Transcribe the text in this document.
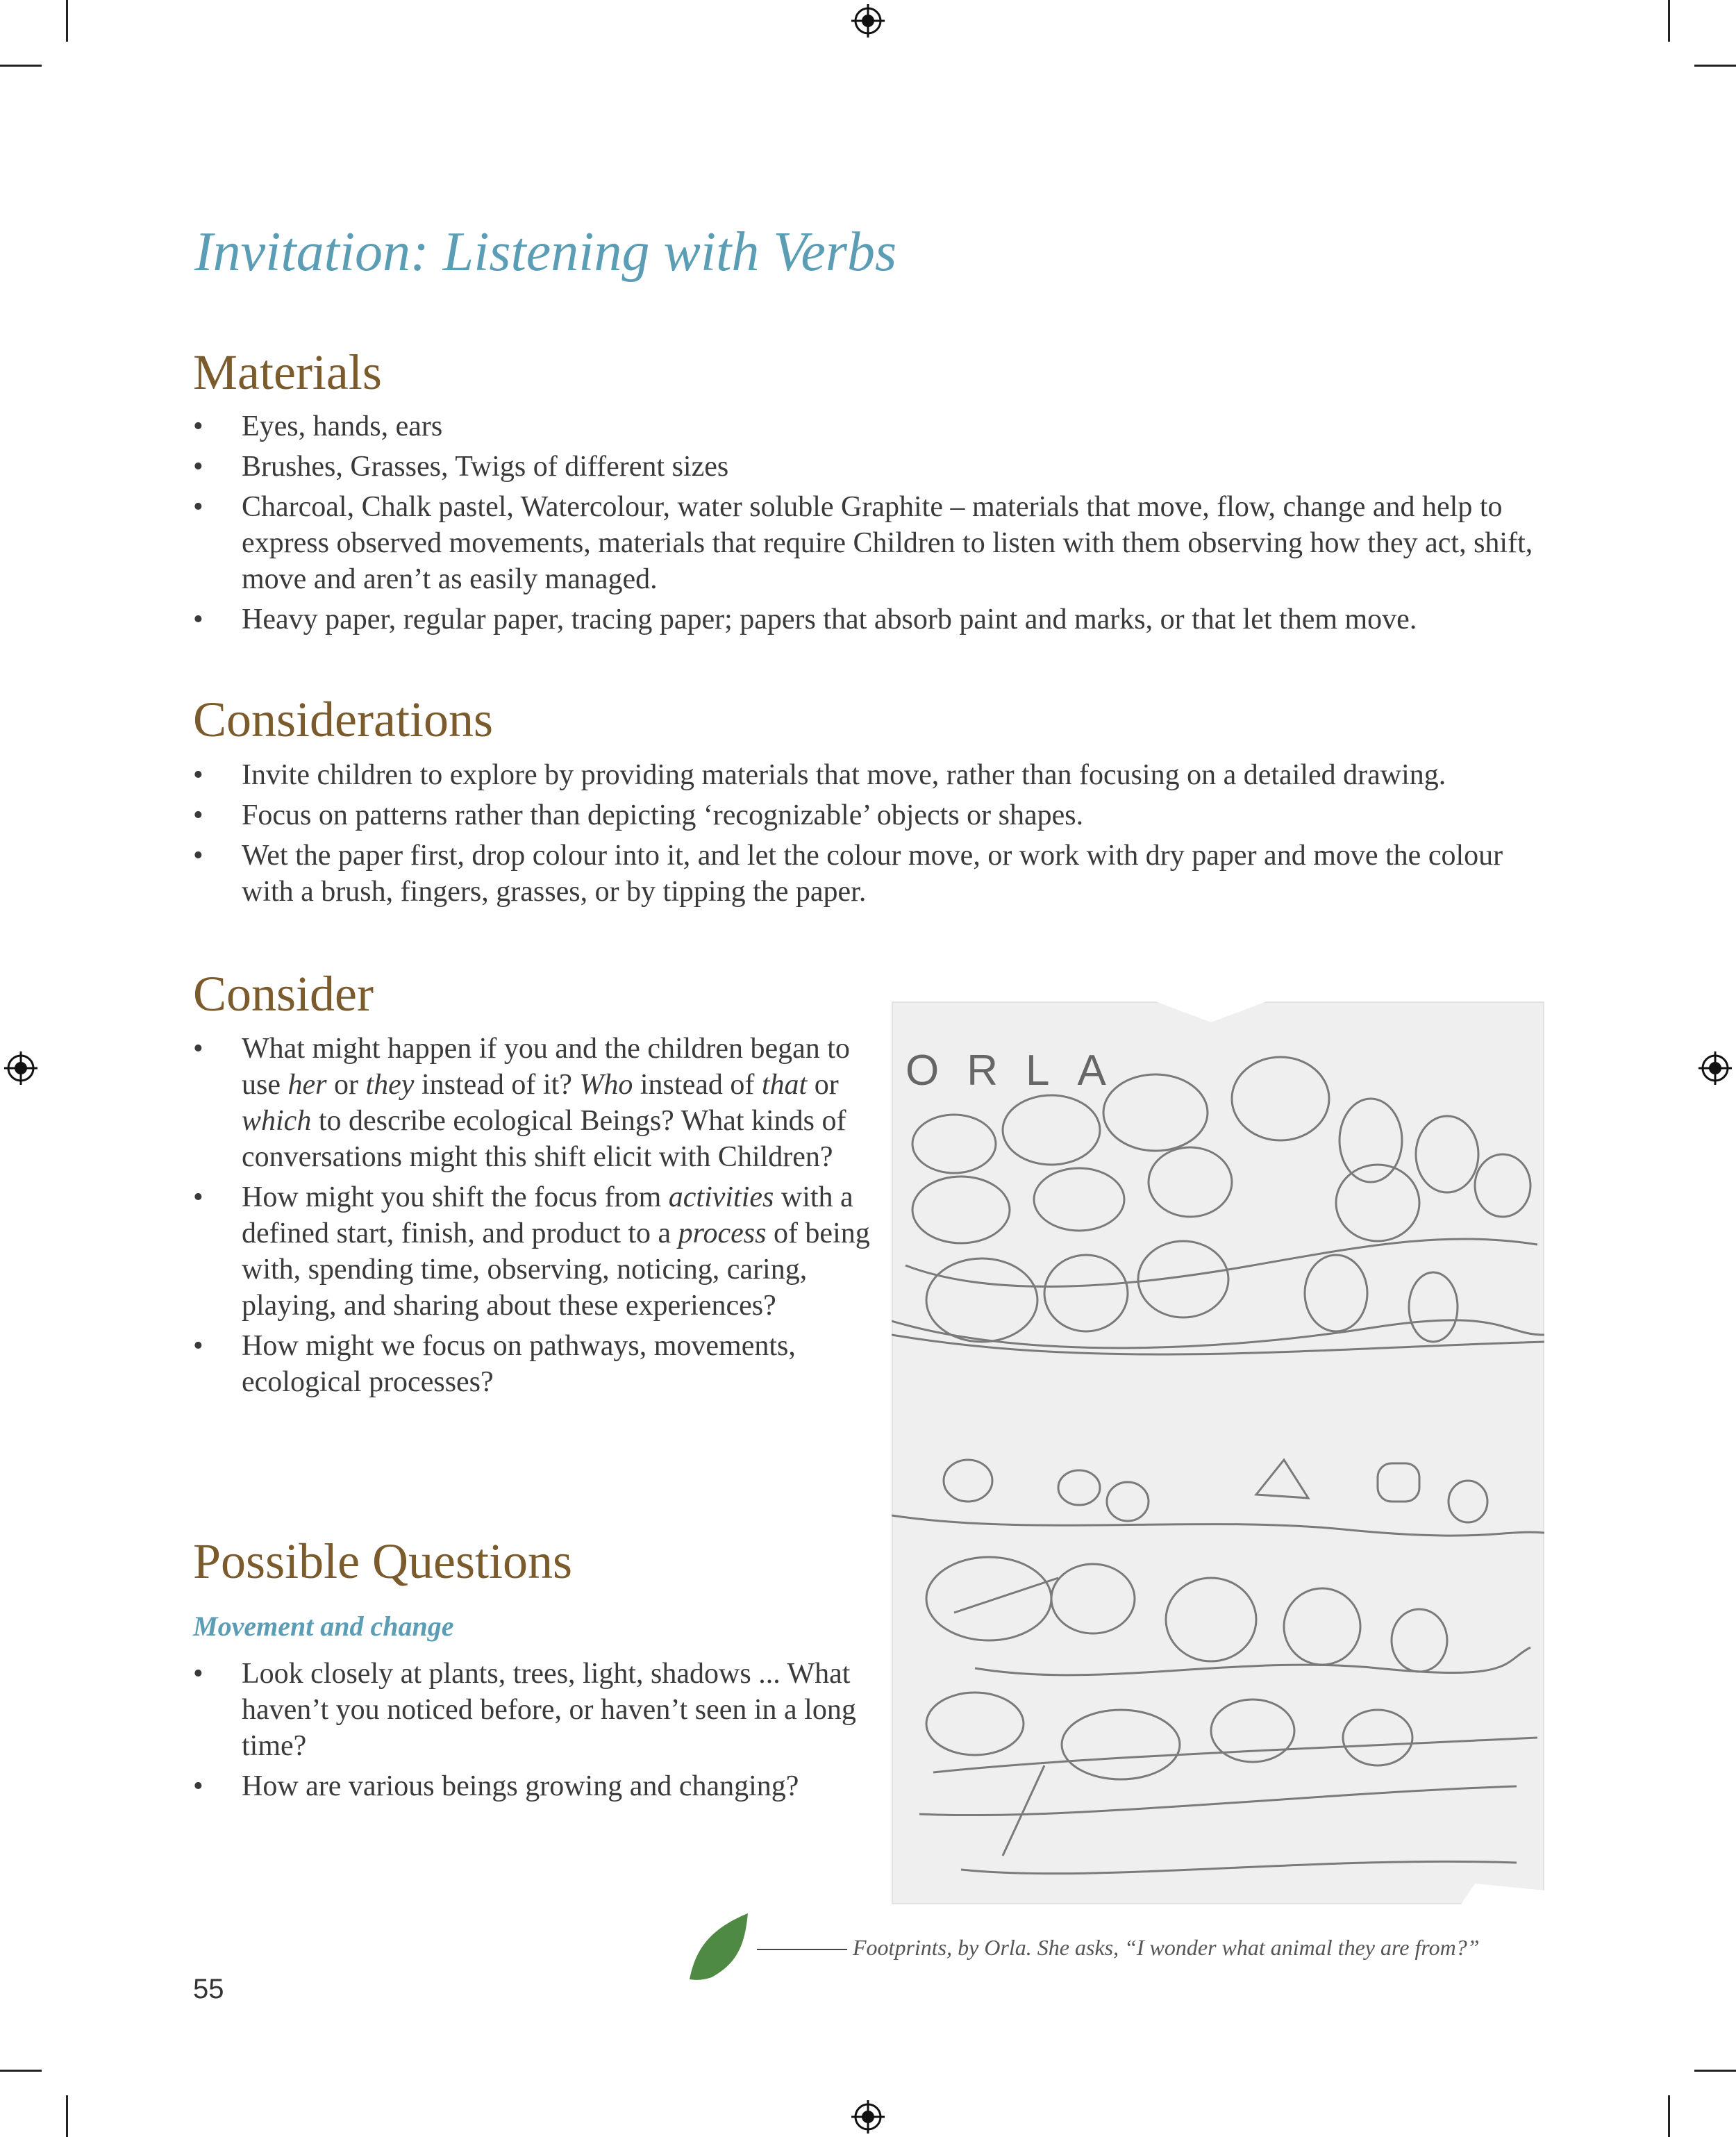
Invitation: Listening with Verbs
Materials
•	Eyes, hands, ears
•	Brushes, Grasses, Twigs of different sizes
•	Charcoal, Chalk pastel, Watercolour, water soluble Graphite – materials that move, flow, change and help to express observed movements, materials that require Children to listen with them observing how they act, shift, move and aren’t as easily managed.
•	Heavy paper, regular paper, tracing paper; papers that absorb paint and marks, or that let them move.
Considerations
•	Invite children to explore by providing materials that move, rather than focusing on a detailed drawing.
•	Focus on patterns rather than depicting ‘recognizable’ objects or shapes.
•	Wet the paper first, drop colour into it, and let the colour move, or work with dry paper and move the colour with a brush, fingers, grasses, or by tipping the paper.
Consider
•	What might happen if you and the children began to use her or they instead of it? Who instead of that or which to describe ecological Beings? What kinds of conversations might this shift elicit with Children?
•	How might you shift the focus from activities with a defined start, finish, and product to a process of being with, spending time, observing, noticing, caring, playing, and sharing about these experiences?
•	How might we focus on pathways, movements, ecological processes?
Possible Questions
Movement and change
•	Look closely at plants, trees, light, shadows ... What haven’t you noticed before, or haven’t seen in a long time?
•	How are various beings growing and changing?
ORLA
Footprints, by Orla. She asks, “I wonder what animal they are from?”
55
